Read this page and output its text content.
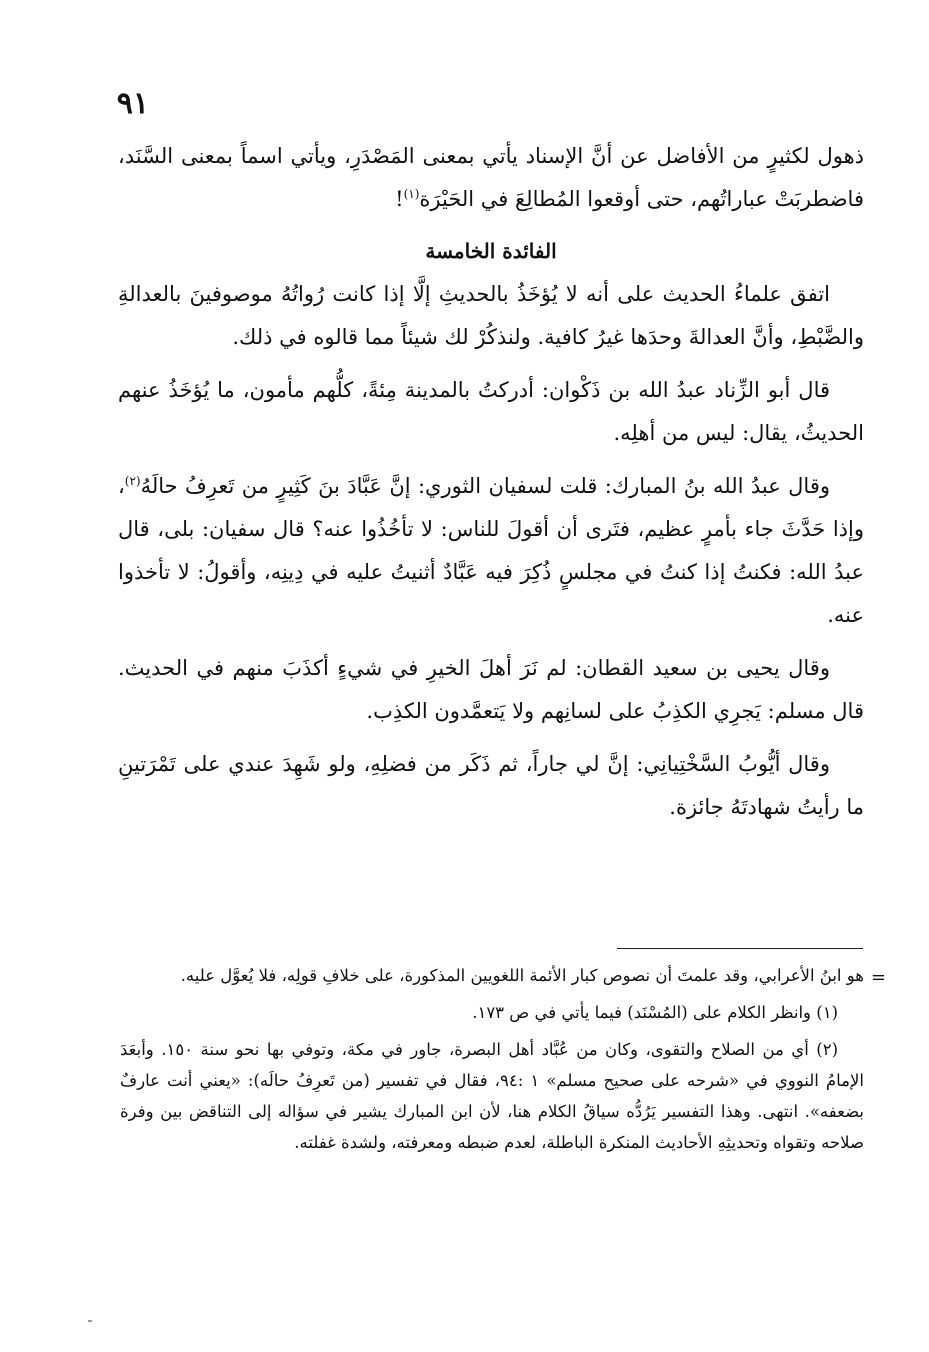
٩١

ذهول لكثيرٍ من الأفاضل عن أنَّ الإسناد يأتي بمعنى المَصْدَرِ، ويأتي اسماً بمعنى السَّنَد، فاضطربَتْ عباراتُهم، حتى أوقعوا المُطالِعَ في الحَيْرَة$^{(١)}$!

الفائدة الخامسة

اتفق علماءُ الحديث على أنه لا يُؤخَذُ بالحديثِ إلَّا إذا كانت رُواتُهُ موصوفينَ بالعدالةِ والضَّبْطِ، وأنَّ العدالةَ وحدَها غيرُ كافية. ولنذكُرْ لك شيئاً مما قالوه في ذلك.

قال أبو الزِّناد عبدُ الله بن ذَكْوان: أدركتُ بالمدينة مِئةً، كلُّهم مأمون، ما يُؤخَذُ عنهم الحديثُ، يقال: ليس من أهلِه.

وقال عبدُ الله بنُ المبارك: قلت لسفيان الثوري: إنَّ عَبَّادَ بنَ كَثِيرٍ من تَعرِفُ حالَهُ$^{(٢)}$، وإذا حَدَّثَ جاء بأمرٍ عظيم، فتَرى أن أقولَ للناس: لا تأخُذُوا عنه؟ قال سفيان: بلى، قال عبدُ الله: فكنتُ إذا كنتُ في مجلسٍ ذُكِرَ فيه عَبَّادٌ أثنيتُ عليه في دِينِه، وأقولُ: لا تأخذوا عنه.

وقال يحيى بن سعيد القطان: لم نَرَ أهلَ الخيرِ في شيءٍ أكذَبَ منهم في الحديث. قال مسلم: يَجرِي الكذِبُ على لسانِهم ولا يَتعمَّدون الكذِب.

وقال أيُّوبُ السَّخْتِيانِي: إنَّ لي جاراً، ثم ذَكَر من فضلِهِ، ولو شَهِدَ عندي على تَمْرَتينِ ما رأيتُ شهادتَهُ جائزة.

=
هو ابنُ الأعرابي، وقد علمتَ أن نصوص كبار الأئمة اللغويين المذكورة، على خلافِ قولِه، فلا يُعوَّل عليه.

(١) وانظر الكلام على (المُسْنَد) فيما يأتي في ص ١٧٣.

(٢) أي من الصلاح والتقوى، وكان من عُبَّاد أهل البصرة، جاور في مكة، وتوفي بها نحو سنة ١٥٠. وأبعَدَ الإمامُ النووي في «شرحه على صحيح مسلم» ١ :٩٤، فقال في تفسير (من تَعرِفُ حالَه): «يعني أنت عارفٌ بضعفه». انتهى. وهذا التفسير يَرُدُّه سياقُ الكلام هنا، لأن ابن المبارك يشير في سؤاله إلى التناقض بين وفرة صلاحه وتقواه وتحديثِهِ الأحاديث المنكرة الباطلة، لعدم ضبطه ومعرفته، ولشدة غفلته.
